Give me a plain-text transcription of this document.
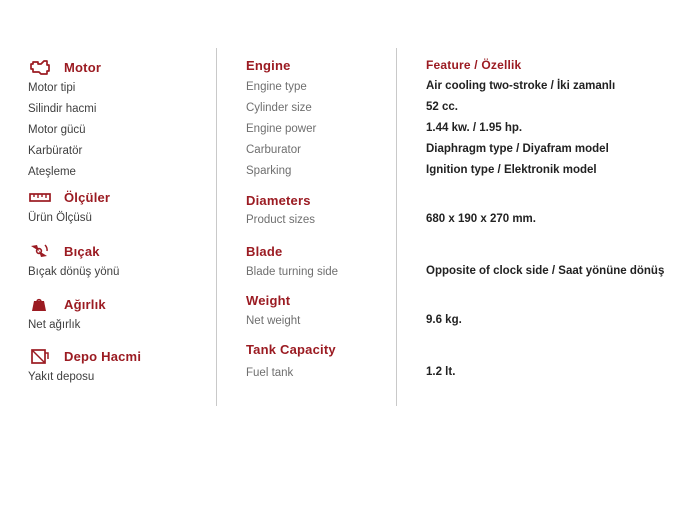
Motor
Motor tipi
Silindir hacmi
Motor gücü
Karbüratör
Ateşleme
Ölçüler
Ürün Ölçüsü
Bıçak
Bıçak dönüş yönü
Ağırlık
Net ağırlık
Depo Hacmi
Yakıt deposu
Engine
Engine type
Cylinder size
Engine power
Carburator
Sparking
Diameters
Product sizes
Blade
Blade turning side
Weight
Net weight
Tank Capacity
Fuel tank
Feature / Özellik
Air cooling two-stroke / İki zamanlı
52 cc.
1.44 kw. / 1.95 hp.
Diaphragm type / Diyafram model
Ignition type / Elektronik model
680 x 190 x 270 mm.
Opposite of clock side / Saat yönüne dönüş
9.6 kg.
1.2 lt.
